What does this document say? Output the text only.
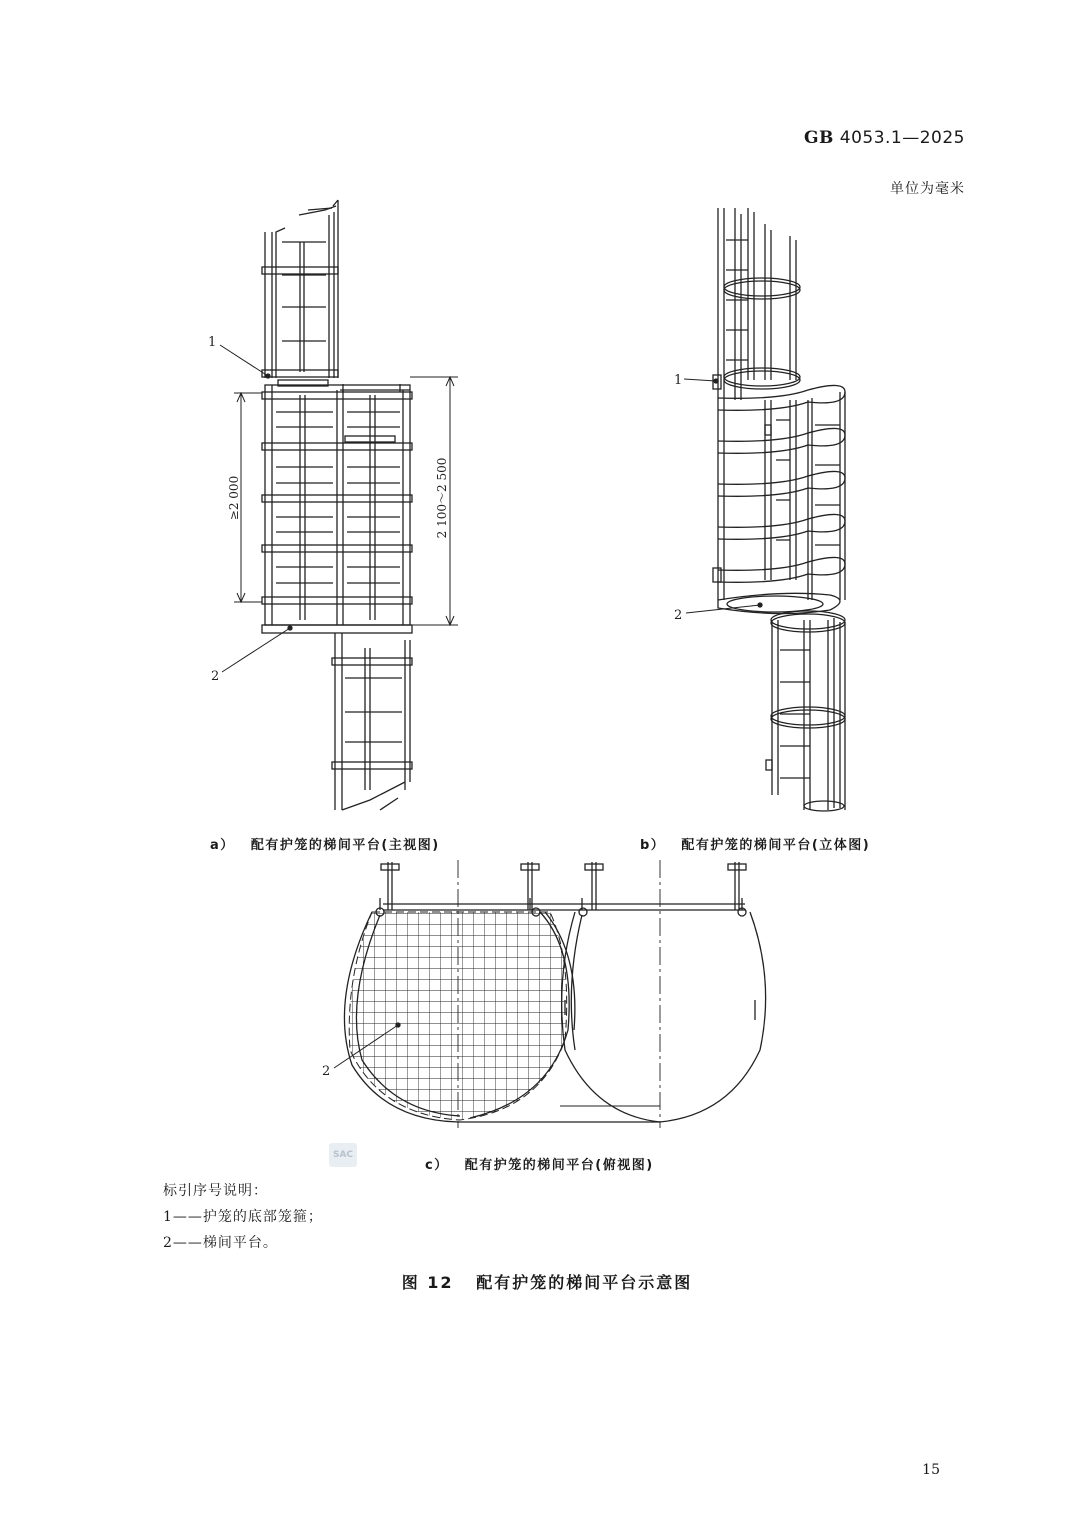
GB 4053.1—2025
单位为毫米
1
2
≥2 000	2 100～2 500
1
2
2
a） 配有护笼的梯间平台(主视图)	b） 配有护笼的梯间平台(立体图)
SAC
c） 配有护笼的梯间平台(俯视图)
标引序号说明：
1——护笼的底部笼箍；
2——梯间平台。
图 12   配有护笼的梯间平台示意图
15
